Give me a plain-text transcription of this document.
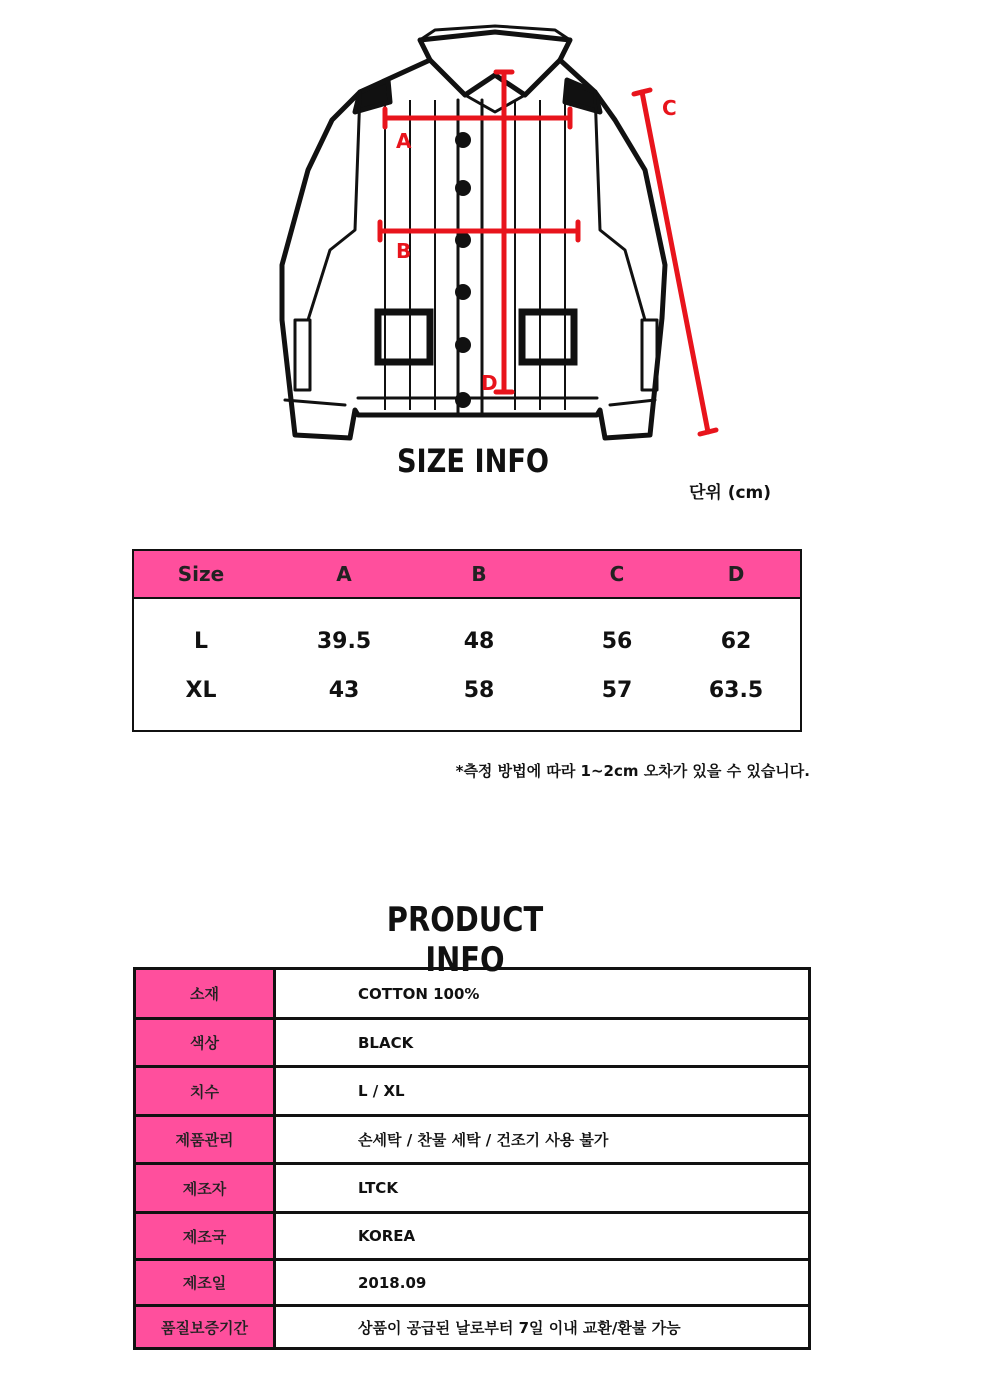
A
B
D
C
SIZE INFO
단위 (cm)
Size	A	B	C	D
L	39.5	48	56	62
XL	43	58	57	63.5
*측정 방법에 따라 1~2cm 오차가 있을 수 있습니다.
PRODUCT INFO
소재	COTTON 100%
색상	BLACK
치수	L / XL
제품관리	손세탁 / 찬물 세탁 / 건조기 사용 불가
제조자	LTCK
제조국	KOREA
제조일	2018.09
품질보증기간	상품이 공급된 날로부터 7일 이내 교환/환불 가능
